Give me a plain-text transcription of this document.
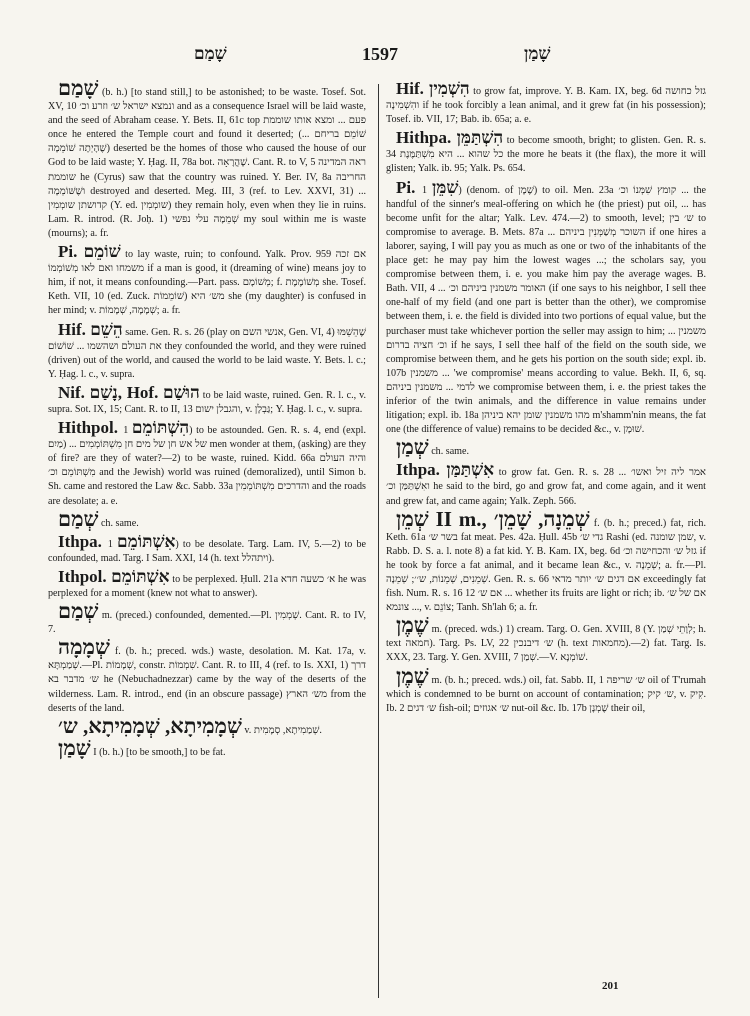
שָׁמַם	1597	שָׁמַן

שָׁמַם (b. h.) [to stand still,] to be astonished; to be waste. Tosef. Sot. XV, 10 ונמצא ישראל ש׳ וזרע וכ׳ and as a consequence Israel will be laid waste, and the seed of Abraham cease. Y. Bets. II, 61c top פעם ... ומצא אותו שוממת once he entered the Temple court and found it deserted; (שׁוֹמֵם בריחם ... שֶׁהָיְתָה שׁוֹמֵמָה) deserted be the homes of those who caused the house of our God to be laid waste; Y. Ḥag. II, 78a bot. שֶׁהֲרָאָה. Cant. R. to V, 5 ראה המדינה שוממת he (Cyrus) saw that the country was ruined. Y. Ber. IV, 8a החריבה ושֶׁשּׁוֹמְמָה destroyed and deserted. Meg. III, 3 (ref. to Lev. XXVI, 31) ... קדושתן שומְמִין (Y. ed. שומְמִין) they remain holy, even when they lie in ruins. Lam. R. introd. (R. Joḥ. 1) שְׁמֵמָה עלי נפשי my soul within me is waste (mourns); a. fr.

Pi. שׁוֹמֵם to lay waste, ruin; to confound. Yalk. Prov. 959 אם זכה משמחו ואם לאו מְשׁוֹמְמוֹ if a man is good, it (dreaming of wine) means joy to him, if not, it means confounding.—Part. pass. מְשׁוֹמָם; f. מְשׁוֹמֶמֶת she. Tosef. Keth. VII, 10 (ed. Zuck. שׁוֹמֵמוֹת) מש׳ היא she (my daughter) is confused in her mind; v. שְׁמָמָה, שְׁמָמוֹת; a. fr.

Hif. הֵשֵׁם same. Gen. R. s. 26 (play on אנשי השם, Gen. VI, 4) שֶׁהֵשֵׁמּוּ את העולם ושהשמו ... שׁוֹשׁוֹם they confounded the world, and they were ruined (driven) out of the world, and caused the world to be laid waste. Y. Bets. l. c.; Y. Ḥag. l. c., v. supra.

Nif. נָשַׁם, Hof. הוּשַׁם to be laid waste, ruined. Gen. R. l. c., v. supra. Sot. IX, 15; Cant. R. to II, 13 והגבלן ישום, v. גַּבְלָן; Y. Ḥag. l. c., v. supra.

Hithpol. הִשְׁתּוֹמֵם 1) to be astounded. Gen. R. s. 4, end (expl. מַיִם) ... של אש חן של מים חן מִשְׁתּוֹמְמִים men wonder at them, (asking) are they of fire? are they of water?—2) to be waste, ruined. Kidd. 66a והיה העולם מִשְׁתּוֹמֵם וכ׳ and the Jewish) world was ruined (demoralized), until Simon b. Sh. came and restored the Law &c. Sabb. 33a והדרכים מִשְׁתּוֹמְמִין and the roads are desolate; a. e.

שְׁמַם ch. same.

Ithpa. אִשְׁתּוֹמֵם 1) to be desolate. Targ. Lam. IV, 5.—2) to be confounded, mad. Targ. I Sam. XXI, 14 (h. text ויתהלל).

Ithpol. אִשְׁתּוֹמֵם to be perplexed. Ḥull. 21a א׳ כשעה חדא he was perplexed for a moment (knew not what to answer).

שְׁמַם m. (preced.) confounded, demented.—Pl. שְׁמְמִין. Cant. R. to IV, 7.

שְׁמָמָה f. (b. h.; preced. wds.) waste, desolation. M. Kat. 17a, v. שְׁמַמְתָּא.—Pl. שְׁמָמוֹת, constr. שִׁמְמוֹת. Cant. R. to III, 4 (ref. to Is. XXI, 1) דרך ש׳ מדבר בא he (Nebuchadnezzar) came by the way of the deserts of the wilderness. Lam. R. introd., end (in an obscure passage) מש׳ הארץ from the deserts of the land.

שְׁמָמִיתָא, שְׁמָמִיתָא, ש׳ v. שְׁמַמִיתָא, סְמָמִית.

שָׁמַן I (b. h.) [to be smooth,] to be fat.

Hif. הִשְׁמִין to grow fat, improve. Y. B. Kam. IX, beg. 6d גזל כחושה והִשְׁמִינָה if he took forcibly a lean animal, and it grew fat (in his possession); Tosef. ib. VII, 17; Bab. ib. 65a; a. e.

Hithpa. הִשְׁתַּמֵּן to become smooth, bright; to glisten. Gen. R. s. 34 כל שהוא ... היא מִשְׁתַּמֶּנֶת the more he beats it (the flax), the more it will glisten; Yalk. ib. 95; Yalk. Ps. 654.

Pi. שִׁמֵּן 1) (denom. of שֶׁמֶן) to oil. Men. 23a קומץ שִׁמְּנוֹ וכ׳ ... the handful of the sinner's meal-offering on which he (the priest) put oil, ... has become unfit for the altar; Yalk. Lev. 474.—2) to smooth, level; ש׳ בין to compromise to average. B. Mets. 87a ... השוכר מְשַׁמְּנִין ביניהם if one hires a laborer, saying, I will pay you as much as one or two of the inhabitants of the place get: he may pay him the lowest wages ...; the scholars say, you compromise between them, i. e. you make him pay the average wages. B. Bath. VII, 4 ... האומר משמנין ביניהם וכ׳ (if one says to his neighbor, I sell thee one-half of my field (and one part is better than the other), we compromise between them, i. e. the field is divided into two portions of equal value, but the purchaser must take whichever portion the seller may assign to him; ... משמנין וכ׳ חציה בדרום if he says, I sell thee half of the field on the south side, we compromise between them, and he gets his portion on the south side; expl. ib. 107b משמנין ... 'we compromise' means according to value. Bekh. II, 6, sq. לדמי ... משמנין ביניהם we compromise between them, i. e. the priest takes the inferior of the twin animals, and the difference in value remains under litigation; expl. ib. 18a מהו משמנין שומן יהא ביניהן m'shamm'nin means, the fat one (the difference of value) remains to be decided &c., v. שׁוּמָן.

שְׁמַן ch. same.

Ithpa. אִשְׁתַּמַּן to grow fat. Gen. R. s. 28 אמר ליה זיל ואשו׳ ... ואִשְׁתַּמַּן וכ׳ he said to the bird, go and grow fat, and come again, and it went and grew fat, and came again; Yalk. Zeph. 566.

שְׁמֵן II m., שְׁמֵנָה, שָׁמֵן׳ f. (b. h.; preced.) fat, rich. Keth. 61a בשר ש׳ fat meat. Pes. 42a. Ḥull. 45b גדי ש׳ Rashi (ed. שמן שומנה, v. Rabb. D. S. a. l. note 8) a fat kid. Y. B. Kam. IX, beg. 6d גזל ש׳ והכחישה וכ׳ if he took by force a fat animal, and it became lean &c., v. שְׁמֵנָה; a. fr.—Pl. שְׁמֵנִים, שְׁמֵנוֹת, ש׳׳; שְׁמֵנָה. Gen. R. s. 66 אם דגים ש׳ יותר מדאי exceedingly fat fish. Num. R. s. 16 12 אם ש׳ ... whether its fruits are light or rich; ib. אם של ש׳ ... צונמא, v. צוֹנֵם; Tanh. Sh'lah 6; a. fr.

שֶׁמֶן m. (preced. wds.) 1) cream. Targ. O. Gen. XVIII, 8 (Y. לְוָתֵי שְׁמַן; h. text חמאה). Targ. Ps. LV, 22 ש׳ דיבנכין (h. text מחמאות).—2) fat. Targ. Is. XXX, 23. Targ. Y. Gen. XVIII, 7 שְׁמַן.—V. שׁוֹמְנָא.

שֶׁמֶן m. (b. h.; preced. wds.) oil, fat. Sabb. II, 1 ש׳ שריפה oil of T'rumah which is condemned to be burnt on account of contamination; ש׳ קיק, v. קִיק. Ib. 2 ש׳ דגים fish-oil; ש׳ אגוזים nut-oil &c. Ib. 17b שֶׁמְנָן their oil,

201
